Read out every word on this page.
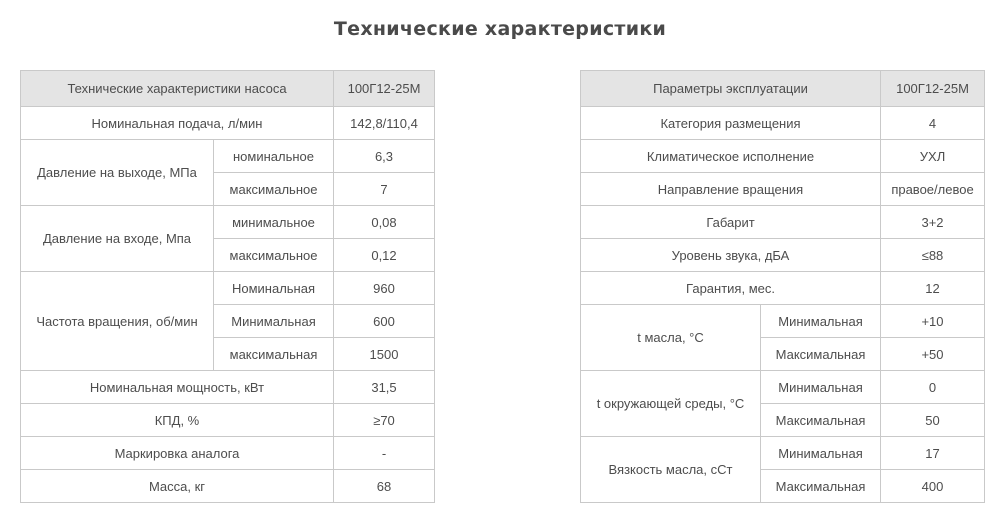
Технические характеристики
Технические характеристики насоса		100Г12-25М
Номинальная подача, л/мин		142,8/110,4
Давление на выходе, МПа	номинальное	6,3
	максимальное	7
Давление на входе, Мпа	минимальное	0,08
	максимальное	0,12
Частота вращения, об/мин	Номинальная	960
	Минимальная	600
	максимальная	1500
Номинальная мощность, кВт		31,5
КПД, %		≥70
Маркировка аналога		-
Масса, кг		68
Параметры эксплуатации		100Г12-25М
Категория размещения		4
Климатическое исполнение		УХЛ
Направление вращения		правое/левое
Габарит		3+2
Уровень звука, дБА		≤88
Гарантия, мес.		12
t масла, °С	Минимальная	+10
	Максимальная	+50
t окружающей среды, °С	Минимальная	0
	Максимальная	50
Вязкость масла, сСт	Минимальная	17
	Максимальная	400
